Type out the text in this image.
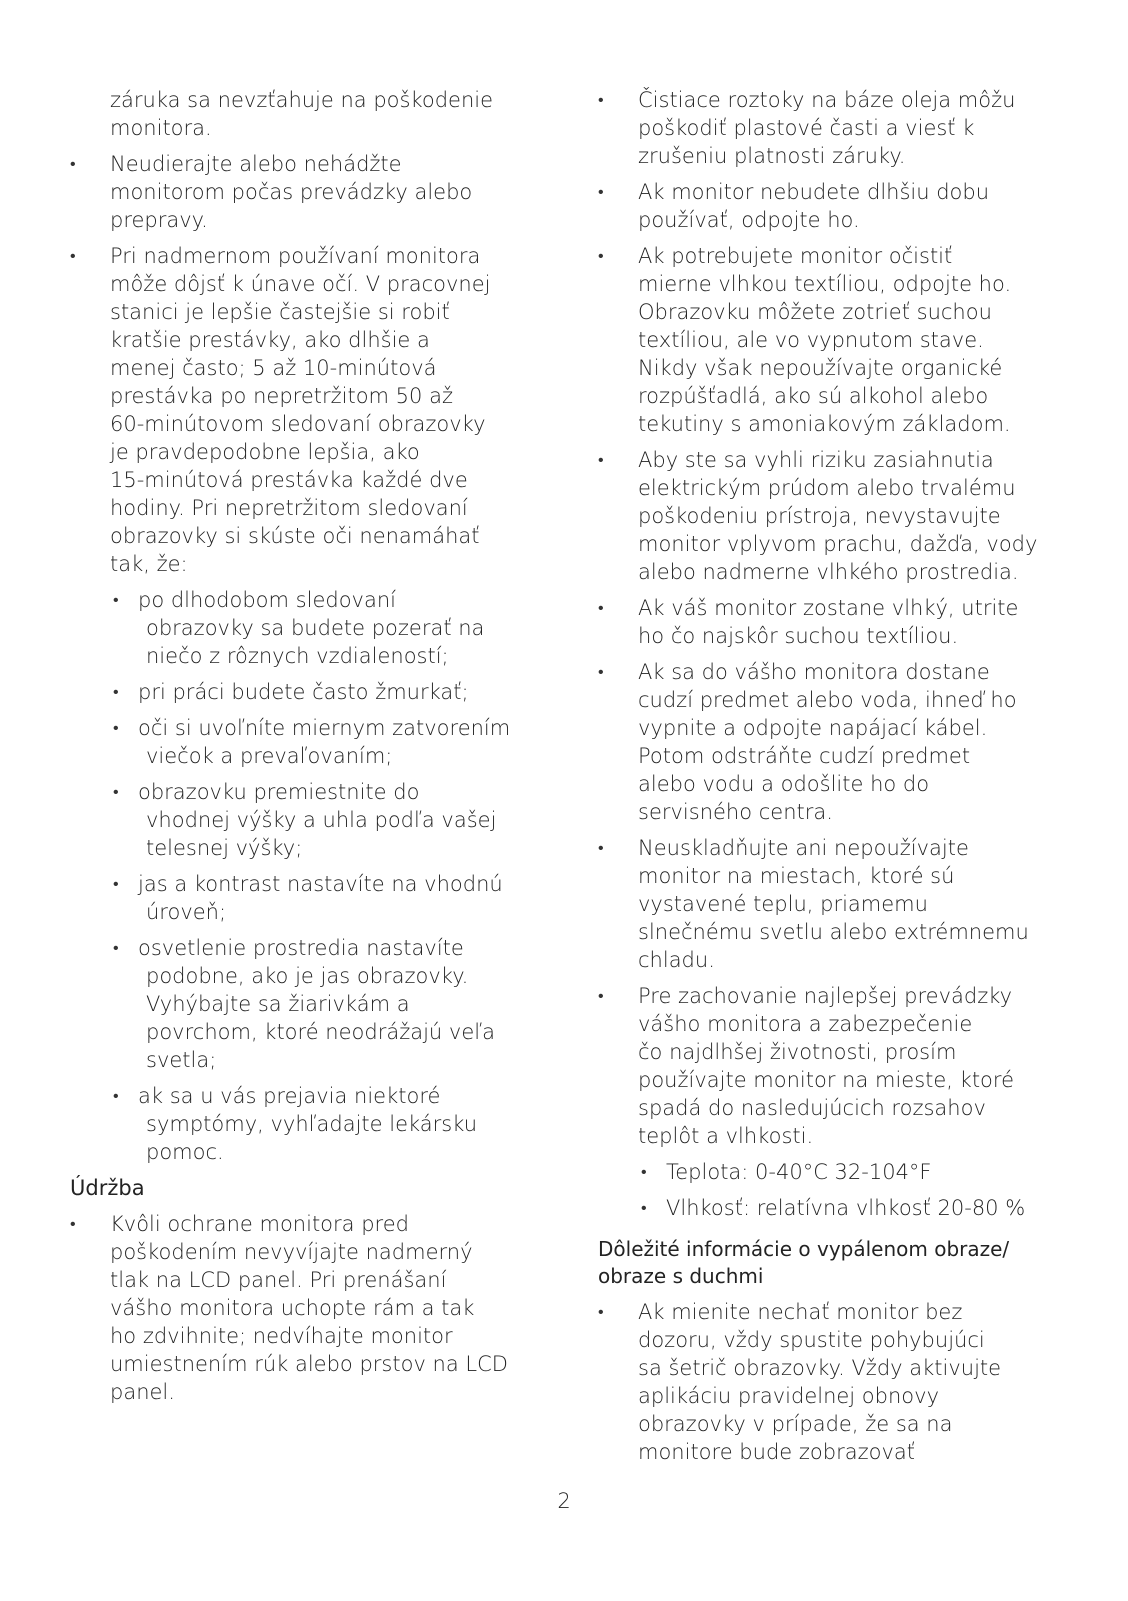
záruka sa nevzťahuje na poškodenie
monitora.
• Neudierajte alebo nehádžte
monitorom počas prevádzky alebo
prepravy.
• Pri nadmernom používaní monitora
môže dôjsť k únave očí. V pracovnej
stanici je lepšie častejšie si robiť
kratšie prestávky, ako dlhšie a
menej často; 5 až 10-minútová
prestávka po nepretržitom 50 až
60-minútovom sledovaní obrazovky
je pravdepodobne lepšia, ako
15-minútová prestávka každé dve
hodiny. Pri nepretržitom sledovaní
obrazovky si skúste oči nenamáhať
tak, že:
• po dlhodobom sledovaní
obrazovky sa budete pozerať na
niečo z rôznych vzdialeností;
• pri práci budete často žmurkať;
• oči si uvoľníte miernym zatvorením
viečok a prevaľovaním;
• obrazovku premiestnite do
vhodnej výšky a uhla podľa vašej
telesnej výšky;
• jas a kontrast nastavíte na vhodnú
úroveň;
• osvetlenie prostredia nastavíte
podobne, ako je jas obrazovky.
Vyhýbajte sa žiarivkám a
povrchom, ktoré neodrážajú veľa
svetla;
• ak sa u vás prejavia niektoré
symptómy, vyhľadajte lekársku
pomoc.
Údržba
• Kvôli ochrane monitora pred
poškodením nevyvíjajte nadmerný
tlak na LCD panel. Pri prenášaní
vášho monitora uchopte rám a tak
ho zdvihnite; nedvíhajte monitor
umiestnením rúk alebo prstov na LCD
panel.
• Čistiace roztoky na báze oleja môžu
poškodiť plastové časti a viesť k
zrušeniu platnosti záruky.
• Ak monitor nebudete dlhšiu dobu
používať, odpojte ho.
• Ak potrebujete monitor očistiť
mierne vlhkou textíliou, odpojte ho.
Obrazovku môžete zotrieť suchou
textíliou, ale vo vypnutom stave.
Nikdy však nepoužívajte organické
rozpúšťadlá, ako sú alkohol alebo
tekutiny s amoniakovým základom.
• Aby ste sa vyhli riziku zasiahnutia
elektrickým prúdom alebo trvalému
poškodeniu prístroja, nevystavujte
monitor vplyvom prachu, dažďa, vody
alebo nadmerne vlhkého prostredia.
• Ak váš monitor zostane vlhký, utrite
ho čo najskôr suchou textíliou.
• Ak sa do vášho monitora dostane
cudzí predmet alebo voda, ihneď ho
vypnite a odpojte napájací kábel.
Potom odstráňte cudzí predmet
alebo vodu a odošlite ho do
servisného centra.
• Neuskladňujte ani nepoužívajte
monitor na miestach, ktoré sú
vystavené teplu, priamemu
slnečnému svetlu alebo extrémnemu
chladu.
• Pre zachovanie najlepšej prevádzky
vášho monitora a zabezpečenie
čo najdlhšej životnosti, prosím
používajte monitor na mieste, ktoré
spadá do nasledujúcich rozsahov
teplôt a vlhkosti.
• Teplota: 0-40°C 32-104°F
• Vlhkosť: relatívna vlhkosť 20-80 %
Dôležité informácie o vypálenom obraze/
obraze s duchmi
• Ak mienite nechať monitor bez
dozoru, vždy spustite pohybujúci
sa šetrič obrazovky. Vždy aktivujte
aplikáciu pravidelnej obnovy
obrazovky v prípade, že sa na
monitore bude zobrazovať
2
